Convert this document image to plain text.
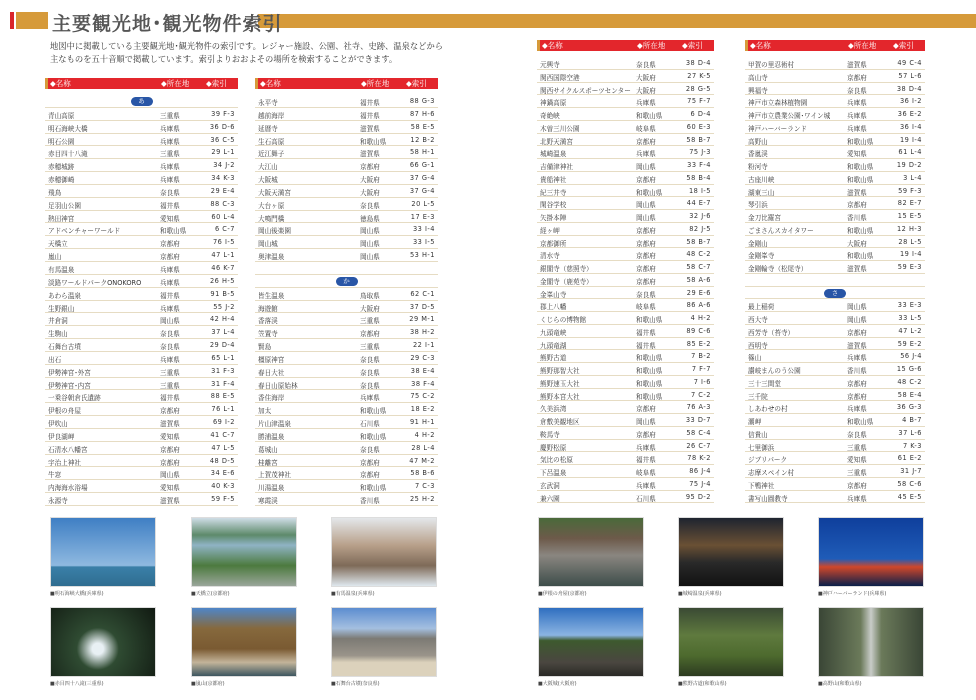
主要観光地･観光物件索引
地図中に掲載している主要観光地･観光物件の索引です。レジャー施設、公園、社寺、史跡、温泉などから
主なものを五十音順で掲載しています。索引よりおおよその場所を検索することができます。
◆名称	◆所在地 ◆索引
あ
青山高原	三重県	39 F-3
明石海峡大橋	兵庫県	36 D-6
明石公園	兵庫県	36 C-5
赤目四十八滝	三重県	29 L-1
赤穂城跡	兵庫県	34 J-2
赤穂御崎	兵庫県	34 K-3
飛鳥	奈良県	29 E-4
足羽山公園	福井県	88 C-3
熱田神宮	愛知県	60 L-4
アドベンチャーワールド	和歌山県	6 C-7
天橋立	京都府	76 I-5
嵐山	京都府	47 L-1
有馬温泉	兵庫県	46 K-7
淡路ワールドパークONOKORO	兵庫県	26 H-5
あわら温泉	福井県	91 B-5
生野銀山	兵庫県	55 J-2
井倉洞	岡山県	42 H-4
生駒山	奈良県	37 L-4
石舞台古墳	奈良県	29 D-4
出石	兵庫県	65 L-1
伊勢神宮･外宮	三重県	31 F-3
伊勢神宮･内宮	三重県	31 F-4
一乗谷朝倉氏遺跡	福井県	88 E-5
伊根の舟屋	京都府	76 L-1
伊吹山	滋賀県	69 I-2
伊良湖岬	愛知県	41 C-7
石清水八幡宮	京都府	47 L-5
宇治上神社	京都府	48 D-5
牛窓	岡山県	34 E-6
内海海水浴場	愛知県	40 K-3
永源寺	滋賀県	59 F-5
◆名称	◆所在地 ◆索引
永平寺	福井県	88 G-3
越前海岸	福井県	87 H-6
延暦寺	滋賀県	58 E-5
生石高原	和歌山県	12 B-2
近江舞子	滋賀県	58 H-1
大江山	京都府	66 G-1
大阪城	大阪府	37 G-4
大阪天満宮	大阪府	37 G-4
大台ヶ原	奈良県	20 L-5
大鳴門橋	徳島県	17 E-3
岡山後楽園	岡山県	33 I-4
岡山城	岡山県	33 I-5
奥津温泉	岡山県	53 H-1
か
皆生温泉	鳥取県	62 C-1
海遊館	大阪府	37 D-5
香落渓	三重県	29 M-1
笠置寺	京都府	38 H-2
賢島	三重県	22 I-1
橿原神宮	奈良県	29 C-3
春日大社	奈良県	38 E-4
春日山原始林	奈良県	38 F-4
香住海岸	兵庫県	75 C-2
加太	和歌山県	18 E-2
片山津温泉	石川県	91 H-1
勝浦温泉	和歌山県	4 H-2
葛城山	奈良県	28 L-4
桂離宮	京都府	47 M-2
上賀茂神社	京都府	58 B-6
川湯温泉	和歌山県	7 C-3
寒霞渓	香川県	25 H-2
◆名称	◆所在地 ◆索引
元興寺	奈良県	38 D-4
関西国際空港	大阪府	27 K-5
関西サイクルスポーツセンター 大阪府	28 G-5
神鍋高原	兵庫県	75 F-7
奇絶峡	和歌山県	6 D-4
木曽三川公園	岐阜県	60 E-3
北野天満宮	京都府	58 B-7
城崎温泉	兵庫県	75 J-3
吉備津神社	岡山県	33 F-4
貴船神社	京都府	58 B-4
紀三井寺	和歌山県	18 I-5
閑谷学校	岡山県	44 E-7
矢掛本陣	岡山県	32 J-6
経ヶ岬	京都府	82 J-5
京都御所	京都府	58 B-7
清水寺	京都府	48 C-2
銀閣寺（慈照寺）	京都府	58 C-7
金閣寺（鹿苑寺）	京都府	58 A-6
金峯山寺	奈良県	29 E-6
郡上八幡	岐阜県	86 A-6
くじらの博物館	和歌山県	4 H-2
九頭竜峡	福井県	89 C-6
九頭竜湖	福井県	85 E-2
熊野古道	和歌山県	7 B-2
熊野那智大社	和歌山県	7 F-7
熊野速玉大社	和歌山県	7 I-6
熊野本宮大社	和歌山県	7 C-2
久美浜湾	京都府	76 A-3
倉敷美観地区	岡山県	33 D-7
鞍馬寺	京都府	58 C-4
慶野松原	兵庫県	26 C-7
気比の松原	福井県	78 K-2
下呂温泉	岐阜県	86 J-4
玄武洞	兵庫県	75 J-4
兼六園	石川県	95 D-2
◆名称	◆所在地 ◆索引
甲賀の里忍術村	滋賀県	49 C-4
高山寺	京都府	57 L-6
興福寺	奈良県	38 D-4
神戸市立森林植物園	兵庫県	36 I-2
神戸市立農業公園･ワイン城	兵庫県	36 E-2
神戸ハーバーランド	兵庫県	36 I-4
高野山	和歌山県	19 I-4
香嵐渓	愛知県	61 L-4
粉河寺	和歌山県	19 D-2
古座川峡	和歌山県	3 L-4
湖東三山	滋賀県	59 F-3
琴引浜	京都府	82 E-7
金刀比羅宮	香川県	15 E-5
ごまさんスカイタワー	和歌山県	12 H-3
金剛山	大阪府	28 L-5
金剛峯寺	和歌山県	19 I-4
金剛輪寺（松尾寺）	滋賀県	59 E-3
さ
最上稲荷	岡山県	33 E-3
西大寺	岡山県	33 L-5
西芳寺（苔寺）	京都府	47 L-2
西明寺	滋賀県	59 E-2
篠山	兵庫県	56 J-4
讃岐まんのう公園	香川県	15 G-6
三十三間堂	京都府	48 C-2
三千院	京都府	58 E-4
しあわせの村	兵庫県	36 G-3
潮岬	和歌山県	4 B-7
信貴山	奈良県	37 L-6
七里御浜	三重県	7 K-3
ジブリパーク	愛知県	61 E-2
志摩スペイン村	三重県	31 J-7
下鴨神社	京都府	58 C-6
書写山圓教寺	兵庫県	45 E-5
■明石海峡大橋(兵庫県)	■天橋立(京都府)	■有馬温泉(兵庫県)
■赤目四十八滝(三重県)	■嵐山(京都府)	■石舞台古墳(奈良県)
■伊根の舟屋(京都府)	■城崎温泉(兵庫県)	■神戸ハーバーランド(兵庫県)
■大阪城(大阪府)	■熊野古道(和歌山県)	■高野山(和歌山県)
